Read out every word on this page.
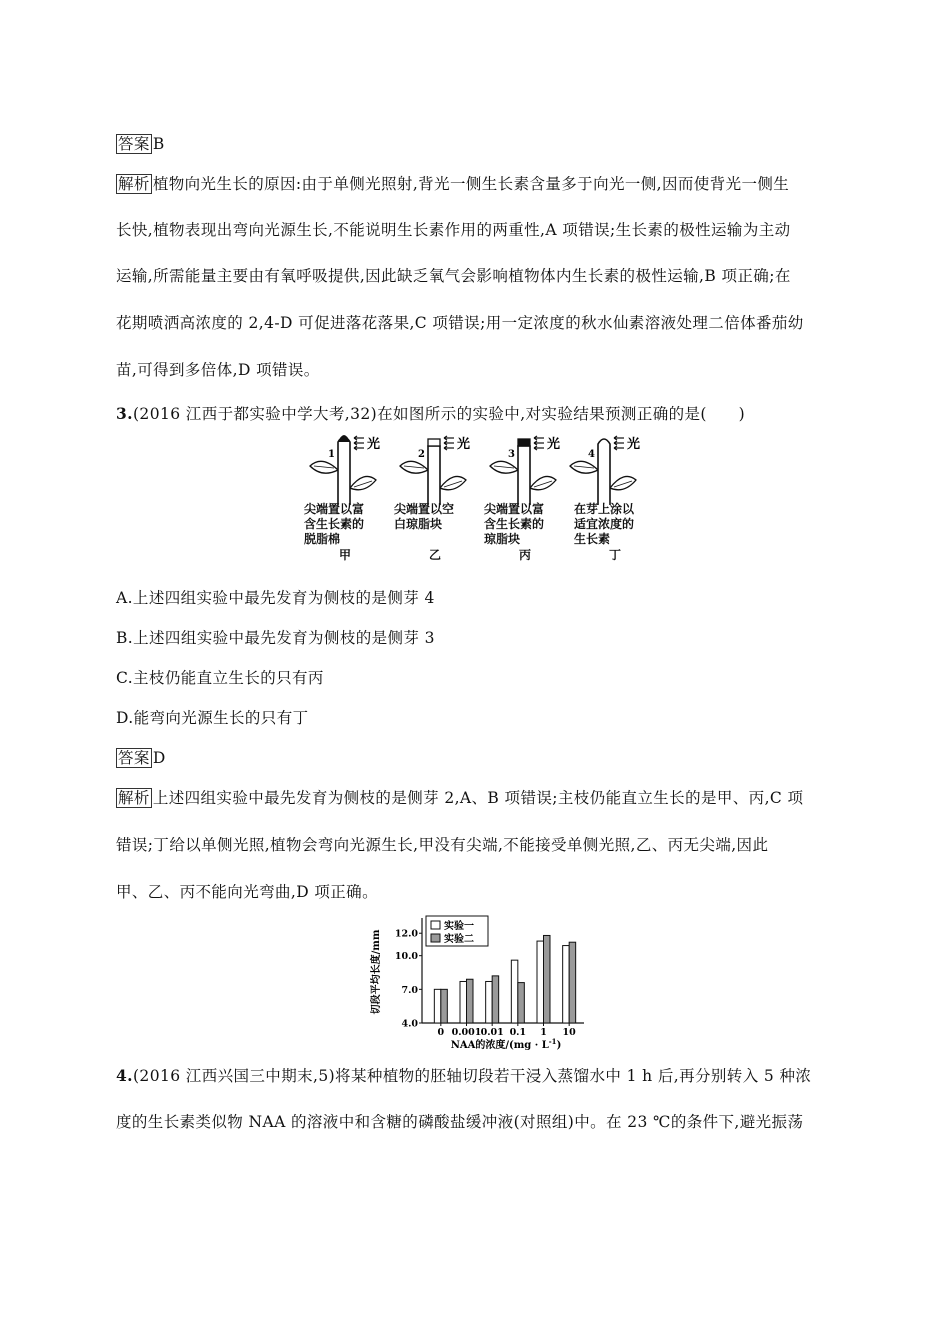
答案 B
解析 植物向光生长的原因:由于单侧光照射,背光一侧生长素含量多于向光一侧,因而使背光一侧生
长快,植物表现出弯向光源生长,不能说明生长素作用的两重性,A 项错误;生长素的极性运输为主动
运输,所需能量主要由有氧呼吸提供,因此缺乏氧气会影响植物体内生长素的极性运输,B 项正确;在
花期喷洒高浓度的 2,4-D 可促进落花落果,C 项错误;用一定浓度的秋水仙素溶液处理二倍体番茄幼
苗,可得到多倍体,D 项错误。
3.(2016 江西于都实验中学大考,32)在如图所示的实验中,对实验结果预测正确的是(　　)
1
光
2
光
3
光
4
光
尖端置以富
含生长素的
脱脂棉
尖端置以空
白琼脂块
尖端置以富
含生长素的
琼脂块
在芽上涂以
适宜浓度的
生长素
甲	乙	丙	丁
A.上述四组实验中最先发育为侧枝的是侧芽 4
B.上述四组实验中最先发育为侧枝的是侧芽 3
C.主枝仍能直立生长的只有丙
D.能弯向光源生长的只有丁
答案 D
解析 上述四组实验中最先发育为侧枝的是侧芽 2,A、B 项错误;主枝仍能直立生长的是甲、丙,C 项
错误;丁给以单侧光照,植物会弯向光源生长,甲没有尖端,不能接受单侧光照,乙、丙无尖端,因此
甲、乙、丙不能向光弯曲,D 项正确。
切段平均长度/mm
NAA的浓度$/(mg \cdot L^{-1})$
4.0
7.0
10.0
12.0
0 0.001 0.01 0.1 1 10
实验一
实验二
4.(2016 江西兴国三中期末,5)将某种植物的胚轴切段若干浸入蒸馏水中 1 h 后,再分别转入 5 种浓
度的生长素类似物 NAA 的溶液中和含糖的磷酸盐缓冲液(对照组)中。在 23 ℃的条件下,避光振荡
